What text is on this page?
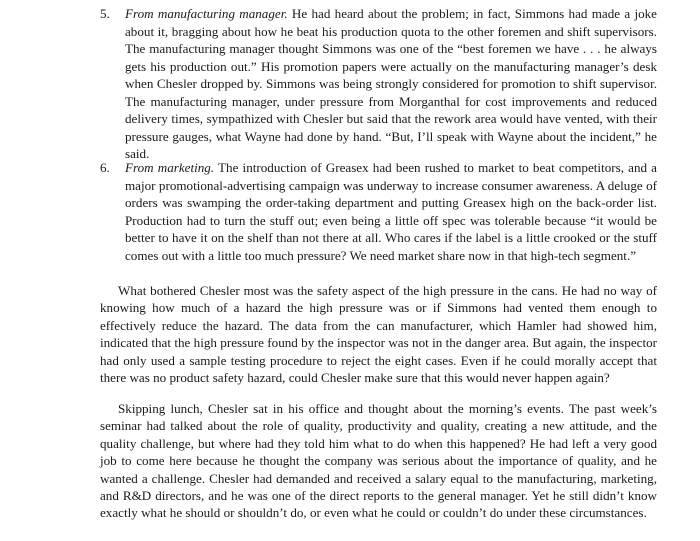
5. From manufacturing manager. He had heard about the problem; in fact, Simmons had made a joke about it, bragging about how he beat his production quota to the other foremen and shift supervisors. The manufacturing manager thought Simmons was one of the “best foremen we have . . . he always gets his production out.” His promotion papers were actually on the manufacturing manager’s desk when Chesler dropped by. Simmons was being strongly considered for promotion to shift supervisor. The manufacturing manager, under pressure from Morganthal for cost improvements and reduced delivery times, sympathized with Chesler but said that the rework area would have vented, with their pressure gauges, what Wayne had done by hand. “But, I’ll speak with Wayne about the incident,” he said.
6. From marketing. The introduction of Greasex had been rushed to market to beat competitors, and a major promotional-advertising campaign was underway to increase consumer awareness. A deluge of orders was swamping the order-taking department and putting Greasex high on the back-order list. Production had to turn the stuff out; even being a little off spec was tolerable because “it would be better to have it on the shelf than not there at all. Who cares if the label is a little crooked or the stuff comes out with a little too much pressure? We need market share now in that high-tech segment.”

What bothered Chesler most was the safety aspect of the high pressure in the cans. He had no way of knowing how much of a hazard the high pressure was or if Simmons had vented them enough to effectively reduce the hazard. The data from the can manufacturer, which Hamler had showed him, indicated that the high pressure found by the inspector was not in the danger area. But again, the inspector had only used a sample testing procedure to reject the eight cases. Even if he could morally accept that there was no product safety hazard, could Chesler make sure that this would never happen again?

Skipping lunch, Chesler sat in his office and thought about the morning’s events. The past week’s seminar had talked about the role of quality, productivity and quality, creating a new attitude, and the quality challenge, but where had they told him what to do when this happened? He had left a very good job to come here because he thought the company was serious about the importance of quality, and he wanted a challenge. Chesler had demanded and received a salary equal to the manufacturing, marketing, and R&D directors, and he was one of the direct reports to the general manager. Yet he still didn’t know exactly what he should or shouldn’t do, or even what he could or couldn’t do under these circumstances.
